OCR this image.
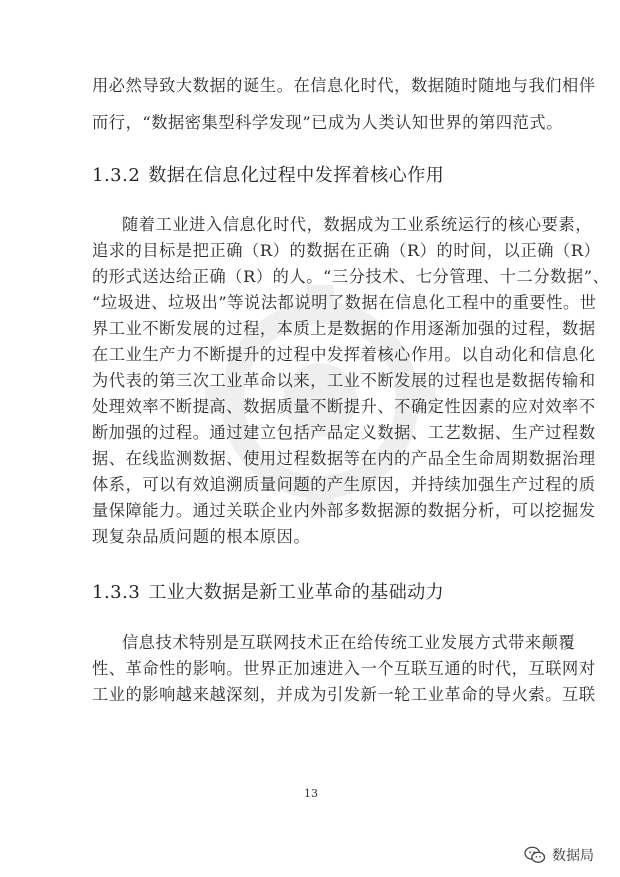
用必然导致大数据的诞生。在信息化时代，数据随时随地与我们相伴
而行，“数据密集型科学发现”已成为人类认知世界的第四范式。
1.3.2 数据在信息化过程中发挥着核心作用
随着工业进入信息化时代，数据成为工业系统运行的核心要素，
追求的目标是把正确（R）的数据在正确（R）的时间，以正确（R）
的形式送达给正确（R）的人。“三分技术、七分管理、十二分数据”、
“垃圾进、垃圾出”等说法都说明了数据在信息化工程中的重要性。世
界工业不断发展的过程，本质上是数据的作用逐渐加强的过程，数据
在工业生产力不断提升的过程中发挥着核心作用。以自动化和信息化
为代表的第三次工业革命以来，工业不断发展的过程也是数据传输和
处理效率不断提高、数据质量不断提升、不确定性因素的应对效率不
断加强的过程。通过建立包括产品定义数据、工艺数据、生产过程数
据、在线监测数据、使用过程数据等在内的产品全生命周期数据治理
体系，可以有效追溯质量问题的产生原因，并持续加强生产过程的质
量保障能力。通过关联企业内外部多数据源的数据分析，可以挖掘发
现复杂品质问题的根本原因。
1.3.3 工业大数据是新工业革命的基础动力
信息技术特别是互联网技术正在给传统工业发展方式带来颠覆
性、革命性的影响。世界正加速进入一个互联互通的时代，互联网对
工业的影响越来越深刻，并成为引发新一轮工业革命的导火索。互联
13
数据局
